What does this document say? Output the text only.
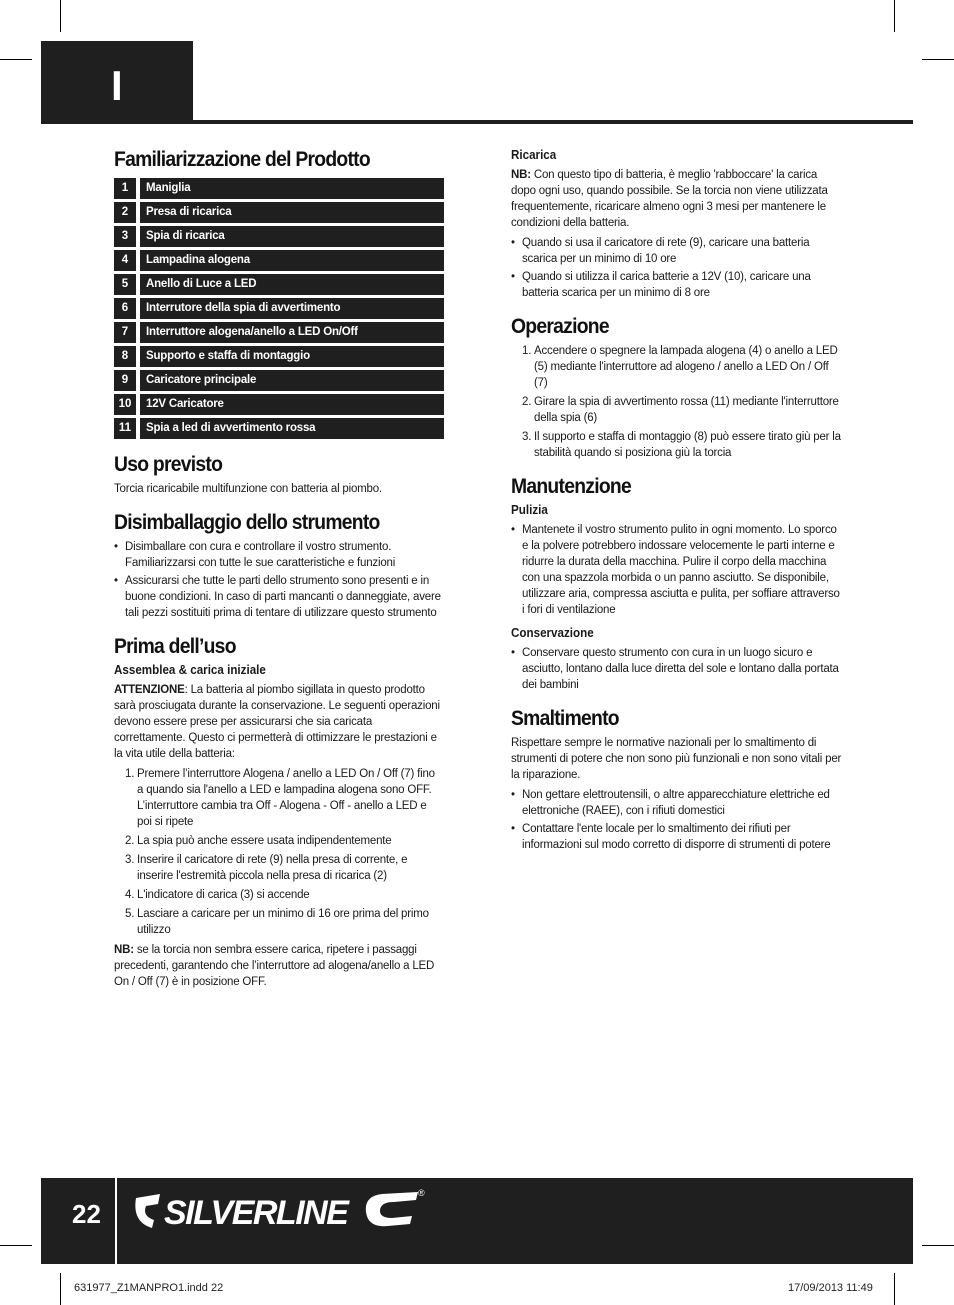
I
Familiarizzazione del Prodotto
1	Maniglia
2	Presa di ricarica
3	Spia di ricarica
4	Lampadina alogena
5	Anello di Luce a LED
6	Interrutore della spia di avvertimento
7	Interruttore alogena/anello a LED On/Off
8	Supporto e staffa di montaggio
9	Caricatore principale
10	12V Caricatore
11	Spia a led di avvertimento rossa
Uso previsto

Torcia ricaricabile multifunzione con batteria al piombo.

Disimballaggio dello strumento
• Disimballare con cura e controllare il vostro strumento. Familiarizzarsi con tutte le sue caratteristiche e funzioni
• Assicurarsi che tutte le parti dello strumento sono presenti e in buone condizioni. In caso di parti mancanti o danneggiate, avere tali pezzi sostituiti prima di tentare di utilizzare questo strumento
Prima dell’uso
Assemblea & carica iniziale

ATTENZIONE: La batteria al piombo sigillata in questo prodotto sarà prosciugata durante la conservazione. Le seguenti operazioni devono essere prese per assicurarsi che sia caricata correttamente. Questo ci permetterà di ottimizzare le prestazioni e la vita utile della batteria:

1. Premere l’interruttore Alogena / anello a LED On / Off (7) fino a quando sia l'anello a LED e lampadina alogena sono OFF. L’interruttore cambia tra Off - Alogena - Off - anello a LED e poi si ripete
2. La spia può anche essere usata indipendentemente
3. Inserire il caricatore di rete (9) nella presa di corrente, e inserire l'estremità piccola nella presa di ricarica (2)
4. L'indicatore di carica (3) si accende
5. Lasciare a caricare per un minimo di 16 ore prima del primo utilizzo

NB: se la torcia non sembra essere carica, ripetere i passaggi precedenti, garantendo che l’interruttore ad alogena/anello a LED On / Off (7) è in posizione OFF.

Ricarica

NB: Con questo tipo di batteria, è meglio 'rabboccare' la carica dopo ogni uso, quando possibile. Se la torcia non viene utilizzata frequentemente, ricaricare almeno ogni 3 mesi per mantenere le condizioni della batteria.

• Quando si usa il caricatore di rete (9), caricare una batteria scarica per un minimo di 10 ore
• Quando si utilizza il carica batterie a 12V (10), caricare una batteria scarica per un minimo di 8 ore
Operazione
1. Accendere o spegnere la lampada alogena (4) o anello a LED (5) mediante l'interruttore ad alogeno / anello a LED On / Off (7)
2. Girare la spia di avvertimento rossa (11) mediante l'interruttore della spia (6)
3. Il supporto e staffa di montaggio (8) può essere tirato giù per la stabilità quando si posiziona giù la torcia
Manutenzione
Pulizia
• Mantenete il vostro strumento pulito in ogni momento. Lo sporco e la polvere potrebbero indossare velocemente le parti interne e ridurre la durata della macchina. Pulire il corpo della macchina con una spazzola morbida o un panno asciutto. Se disponibile, utilizzare aria, compressa asciutta e pulita, per soffiare attraverso i fori di ventilazione
Conservazione
• Conservare questo strumento con cura in un luogo sicuro e asciutto, lontano dalla luce diretta del sole e lontano dalla portata dei bambini
Smaltimento

Rispettare sempre le normative nazionali per lo smaltimento di strumenti di potere che non sono più funzionali e non sono vitali per la riparazione.

• Non gettare elettroutensili, o altre apparecchiature elettriche ed elettroniche (RAEE), con i rifiuti domestici
• Contattare l'ente locale per lo smaltimento dei rifiuti per informazioni sul modo corretto di disporre di strumenti di potere
22 SILVERLINE
®
631977_Z1MANPRO1.indd 22	17/09/2013 11:49
